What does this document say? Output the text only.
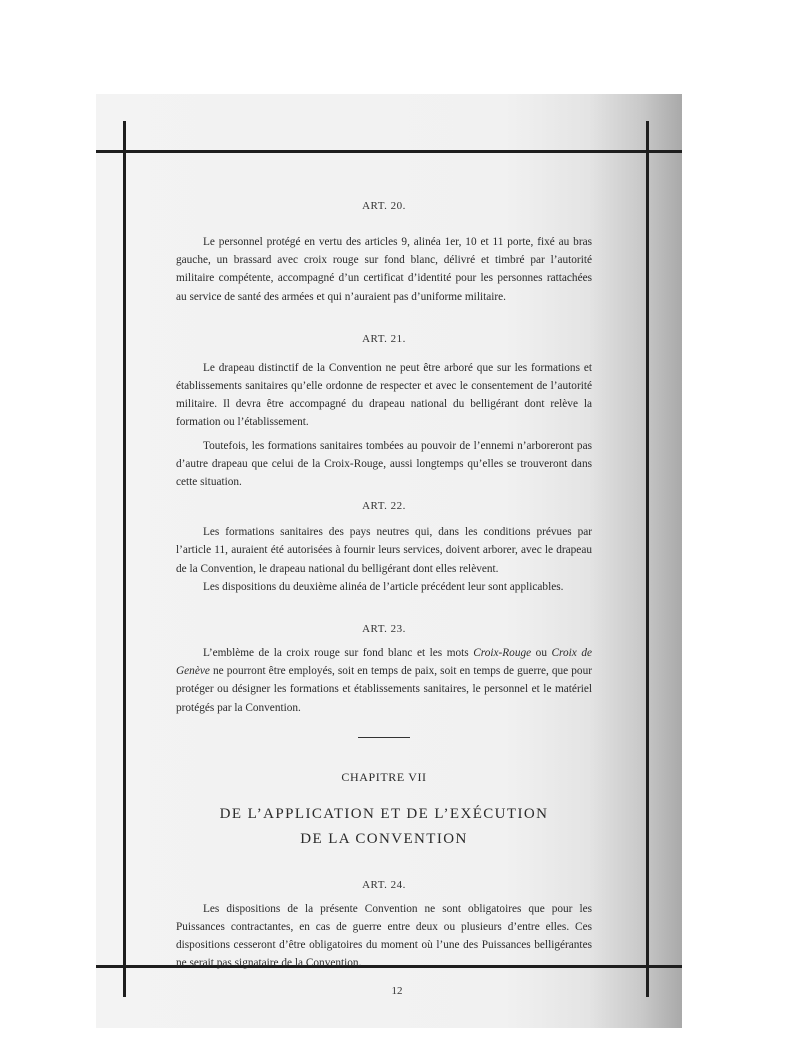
ART. 20.

Le personnel protégé en vertu des articles 9, alinéa 1er, 10 et 11 porte, fixé au bras gauche, un brassard avec croix rouge sur fond blanc, délivré et timbré par l’autorité militaire compétente, accompagné d’un certificat d’identité pour les personnes rattachées au service de santé des armées et qui n’auraient pas d’uniforme militaire.

ART. 21.

Le drapeau distinctif de la Convention ne peut être arboré que sur les formations et établissements sanitaires qu’elle ordonne de respecter et avec le consentement de l’autorité militaire. Il devra être accompagné du drapeau national du belligérant dont relève la formation ou l’établissement.

Toutefois, les formations sanitaires tombées au pouvoir de l’ennemi n’arboreront pas d’autre drapeau que celui de la Croix-Rouge, aussi longtemps qu’elles se trouveront dans cette situation.

ART. 22.

Les formations sanitaires des pays neutres qui, dans les conditions prévues par l’article 11, auraient été autorisées à fournir leurs services, doivent arborer, avec le drapeau de la Convention, le drapeau national du belligérant dont elles relèvent.

Les dispositions du deuxième alinéa de l’article précédent leur sont applicables.

ART. 23.

L’emblème de la croix rouge sur fond blanc et les mots Croix-Rouge ou Croix de Genève ne pourront être employés, soit en temps de paix, soit en temps de guerre, que pour protéger ou désigner les formations et établissements sanitaires, le personnel et le matériel protégés par la Convention.

CHAPITRE VII
DE L’APPLICATION ET DE L’EXÉCUTION
DE LA CONVENTION
ART. 24.

Les dispositions de la présente Convention ne sont obligatoires que pour les Puissances contractantes, en cas de guerre entre deux ou plusieurs d’entre elles. Ces dispositions cesseront d’être obligatoires du moment où l’une des Puissances belligérantes ne serait pas signataire de la Convention.

12
